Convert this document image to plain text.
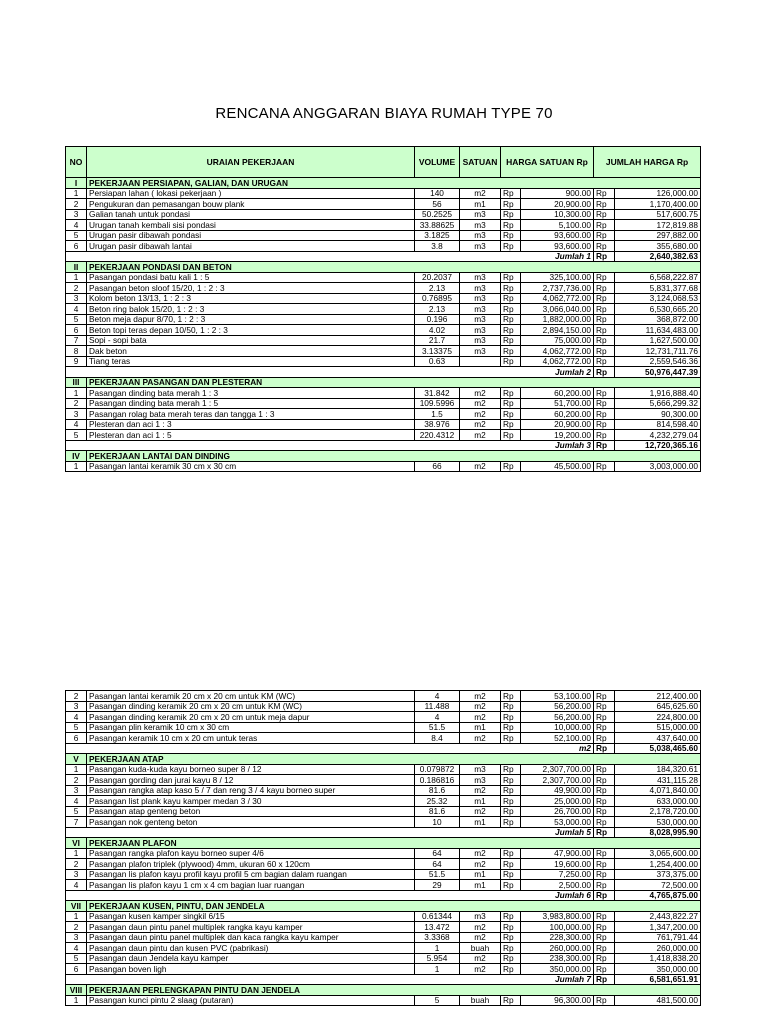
RENCANA ANGGARAN BIAYA RUMAH TYPE 70
NO	URAIAN PEKERJAAN	VOLUME	SATUAN	HARGA SATUAN Rp		JUMLAH HARGA Rp	
I	PEKERJAAN PERSIAPAN, GALIAN, DAN URUGAN						
1	Persiapan lahan ( lokasi pekerjaan )	140	m2	Rp	900.00	Rp	126,000.00
2	Pengukuran dan pemasangan bouw plank	56	m1	Rp	20,900.00	Rp	1,170,400.00
3	Galian tanah untuk pondasi	50.2525	m3	Rp	10,300.00	Rp	517,600.75
4	Urugan tanah kembali sisi pondasi	33.88625	m3	Rp	5,100.00	Rp	172,819.88
5	Urugan pasir dibawah pondasi	3.1825	m3	Rp	93,600.00	Rp	297,882.00
6	Urugan pasir dibawah lantai	3.8	m3	Rp	93,600.00	Rp	355,680.00
Jumlah 1						Rp	2,640,382.63
II	PEKERJAAN PONDASI DAN BETON						
1	Pasangan pondasi batu kali 1 : 5	20.2037	m3	Rp	325,100.00	Rp	6,568,222.87
2	Pasangan beton sloof 15/20, 1 : 2 : 3	2.13	m3	Rp	2,737,736.00	Rp	5,831,377.68
3	Kolom beton 13/13, 1 : 2 : 3	0.76895	m3	Rp	4,062,772.00	Rp	3,124,068.53
4	Beton ring balok 15/20, 1 : 2 : 3	2.13	m3	Rp	3,066,040.00	Rp	6,530,665.20
5	Beton meja dapur 8/70, 1 : 2 : 3	0.196	m3	Rp	1,882,000.00	Rp	368,872.00
6	Beton topi teras depan 10/50, 1 : 2 : 3	4.02	m3	Rp	2,894,150.00	Rp	11,634,483.00
7	Sopi - sopi bata	21.7	m3	Rp	75,000.00	Rp	1,627,500.00
8	Dak beton	3.13375	m3	Rp	4,062,772.00	Rp	12,731,711.76
9	Tiang teras	0.63		Rp	4,062,772.00	Rp	2,559,546.36
Jumlah 2						Rp	50,976,447.39
III	PEKERJAAN PASANGAN DAN PLESTERAN						
1	Pasangan dinding bata merah 1 : 3	31.842	m2	Rp	60,200.00	Rp	1,916,888.40
2	Pasangan dinding bata merah 1 : 5	109.5996	m2	Rp	51,700.00	Rp	5,666,299.32
3	Pasangan rolag bata merah teras dan tangga 1 : 3	1.5	m2	Rp	60,200.00	Rp	90,300.00
4	Plesteran dan aci 1 : 3	38.976	m2	Rp	20,900.00	Rp	814,598.40
5	Plesteran dan aci 1 : 5	220.4312	m2	Rp	19,200.00	Rp	4,232,279.04
Jumlah 3						Rp	12,720,365.16
IV	PEKERJAAN LANTAI DAN DINDING						
1	Pasangan lantai keramik 30 cm x 30 cm	66	m2	Rp	45,500.00	Rp	3,003,000.00
2	Pasangan lantai keramik 20 cm x 20 cm untuk KM (WC)	4	m2	Rp	53,100.00	Rp	212,400.00
3	Pasangan dinding keramik 20 cm x 20 cm untuk KM (WC)	11.488	m2	Rp	56,200.00	Rp	645,625.60
4	Pasangan dinding keramik 20 cm x 20 cm untuk meja dapur	4	m2	Rp	56,200.00	Rp	224,800.00
5	Pasangan plin keramik 10 cm x 30 cm	51.5	m1	Rp	10,000.00	Rp	515,000.00
6	Pasangan keramik 10 cm x 20 cm untuk teras	8.4	m2	Rp	52,100.00	Rp	437,640.00
m2						Rp	5,038,465.60
V	PEKERJAAN ATAP						
1	Pasangan kuda-kuda kayu borneo super 8 / 12	0.079872	m3	Rp	2,307,700.00	Rp	184,320.61
2	Pasangan gording dan jurai kayu 8 / 12	0.186816	m3	Rp	2,307,700.00	Rp	431,115.28
3	Pasangan rangka atap kaso 5 / 7 dan reng 3 / 4 kayu borneo super	81.6	m2	Rp	49,900.00	Rp	4,071,840.00
4	Pasangan list plank kayu kamper medan 3 / 30	25.32	m1	Rp	25,000.00	Rp	633,000.00
5	Pasangan atap genteng beton	81.6	m2	Rp	26,700.00	Rp	2,178,720.00
7	Pasangan nok genteng beton	10	m1	Rp	53,000.00	Rp	530,000.00
Jumlah 5						Rp	8,028,995.90
VI	PEKERJAAN PLAFON						
1	Pasangan rangka plafon kayu borneo super 4/6	64	m2	Rp	47,900.00	Rp	3,065,600.00
2	Pasangan plafon triplek (plywood) 4mm, ukuran 60 x 120cm	64	m2	Rp	19,600.00	Rp	1,254,400.00
3	Pasangan lis plafon kayu profil kayu profil 5 cm bagian dalam ruangan	51.5	m1	Rp	7,250.00	Rp	373,375.00
4	Pasangan lis plafon kayu 1 cm x 4 cm bagian luar ruangan	29	m1	Rp	2,500.00	Rp	72,500.00
Jumlah 6						Rp	4,765,875.00
VII	PEKERJAAN KUSEN, PINTU, DAN JENDELA						
1	Pasangan kusen kamper singkil 6/15	0.61344	m3	Rp	3,983,800.00	Rp	2,443,822.27
2	Pasangan daun pintu panel multiplek rangka kayu kamper	13.472	m2	Rp	100,000.00	Rp	1,347,200.00
3	Pasangan daun pintu panel multiplek dan kaca rangka kayu kamper	3.3368	m2	Rp	228,300.00	Rp	761,791.44
4	Pasangan daun pintu dan kusen PVC (pabrikasi)	1	buah	Rp	260,000.00	Rp	260,000.00
5	Pasangan daun Jendela kayu kamper	5.954	m2	Rp	238,300.00	Rp	1,418,838.20
6	Pasangan boven ligh	1	m2	Rp	350,000.00	Rp	350,000.00
Jumlah 7						Rp	6,581,651.91
VIII	PEKERJAAN PERLENGKAPAN PINTU DAN JENDELA						
1	Pasangan kunci pintu 2 slaag (putaran)	5	buah	Rp	96,300.00	Rp	481,500.00
